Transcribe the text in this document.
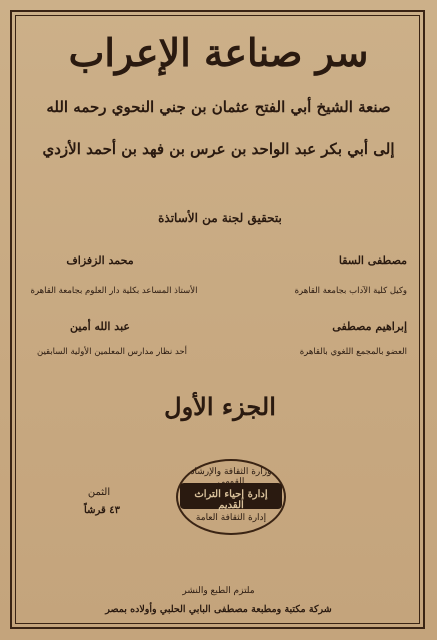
سر صناعة الإعراب
صنعة الشيخ أبي الفتح عثمان بن جني النحوي رحمه الله
إلى أبي بكر عبد الواحد بن عرس بن فهد بن أحمد الأزدي
بتحقيق لجنة من الأساتذة
مصطفى السقا
وكيل كلية الآداب بجامعة القاهرة
محمد الزفزاف
الأستاذ المساعد بكلية دار العلوم بجامعة القاهرة
إبراهيم مصطفى
العضو بالمجمع اللغوي بالقاهرة
عبد الله أمين
أحد نظار مدارس المعلمين الأولية السابقين
الجزء الأول
الثمن
٤٣ قرشاً
وزارة الثقافة والإرشاد القومي
إدارة إحياء التراث القديم
إدارة الثقافة العامة
ملتزم الطبع والنشر
شركة مكتبة ومطبعة مصطفى البابي الحلبي وأولاده بمصر
